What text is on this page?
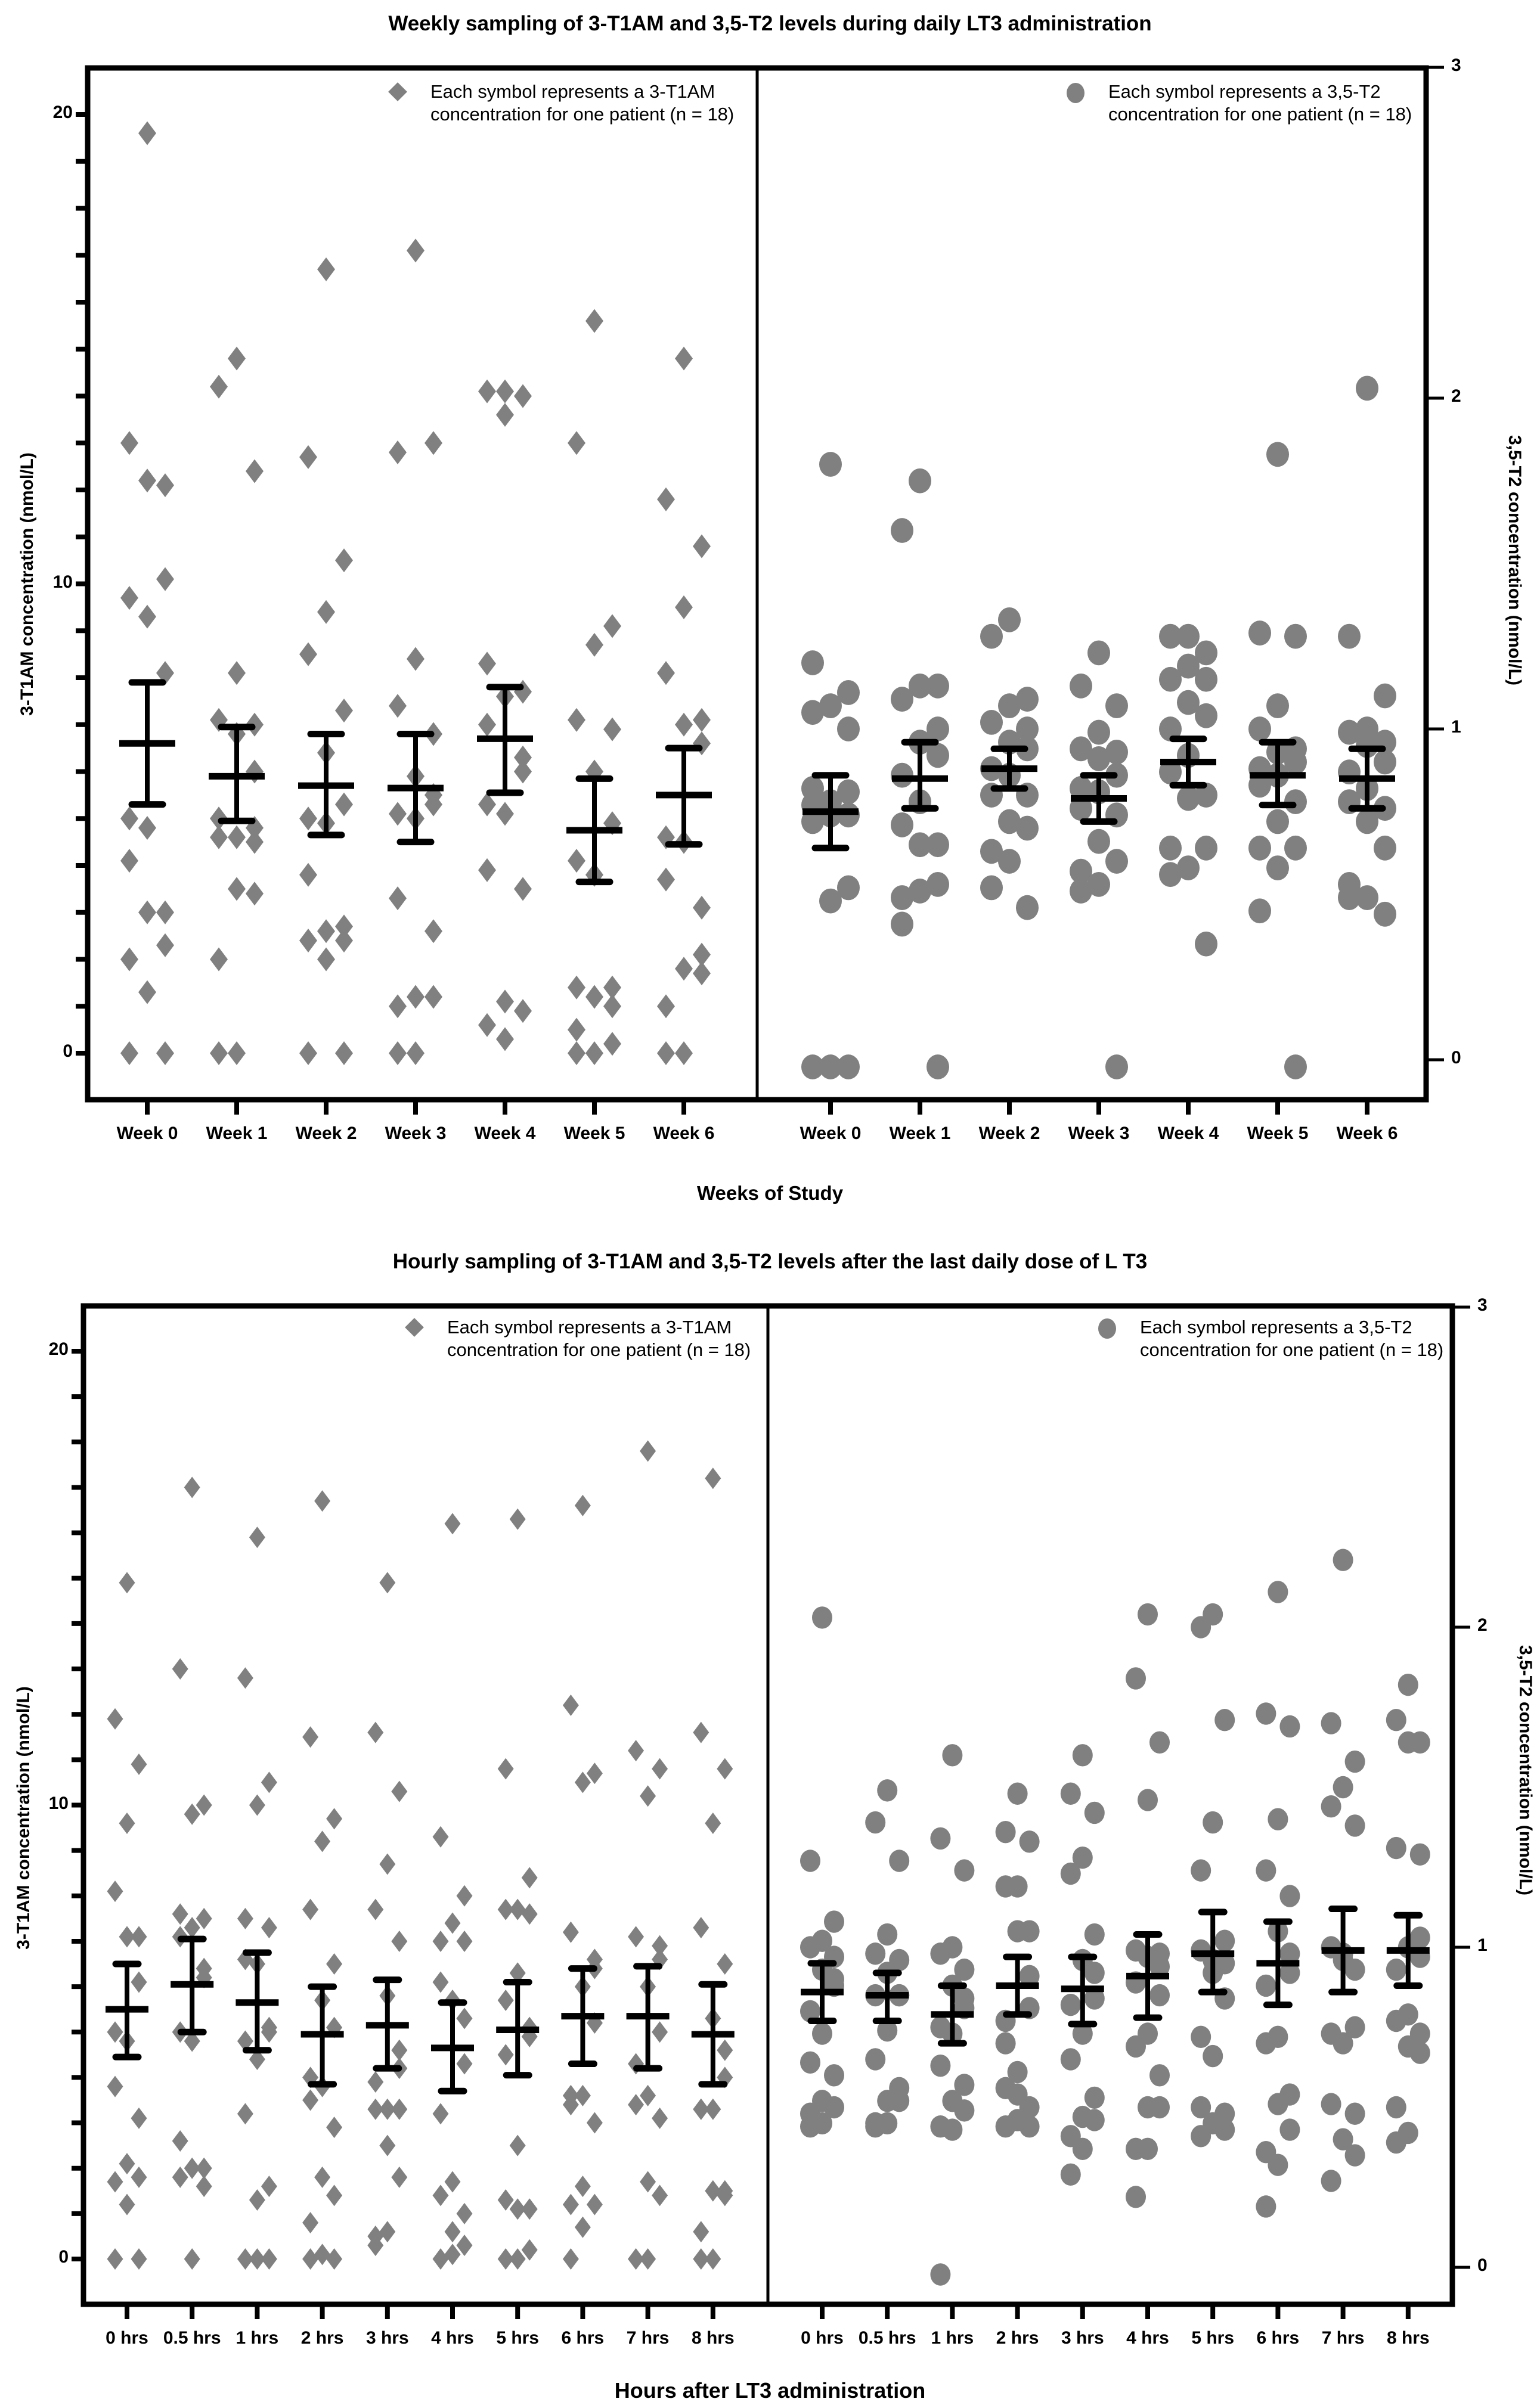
Weekly sampling of 3-T1AM and 3,5-T2 levels during daily LT3 administration
3-T1AM concentration (nmol/L)	3,5-T2 concentration (nmol/L)
Each symbol represents a 3-T1AM
concentration for one patient (n = 18)
Each symbol represents a 3,5-T2
concentration for one patient (n = 18)
Weeks of Study
0
10
20
0
1
2
3
Week 0	Week 0
Week 1	Week 1
Week 2	Week 2
Week 3	Week 3
Week 4	Week 4
Week 5	Week 5
Week 6	Week 6
Hourly sampling of 3-T1AM and 3,5-T2 levels after the last daily dose of L T3
3-T1AM concentration (nmol/L)	3,5-T2 concentration (nmol/L)
Each symbol represents a 3-T1AM
concentration for one patient (n = 18)
Each symbol represents a 3,5-T2
concentration for one patient (n = 18)
Hours after LT3 administration
0
10
20
0
1
2
3
0 hrs	0 hrs
0.5 hrs	0.5 hrs
1 hrs	1 hrs
2 hrs	2 hrs
3 hrs	3 hrs
4 hrs	4 hrs
5 hrs	5 hrs
6 hrs	6 hrs
7 hrs	7 hrs
8 hrs	8 hrs
